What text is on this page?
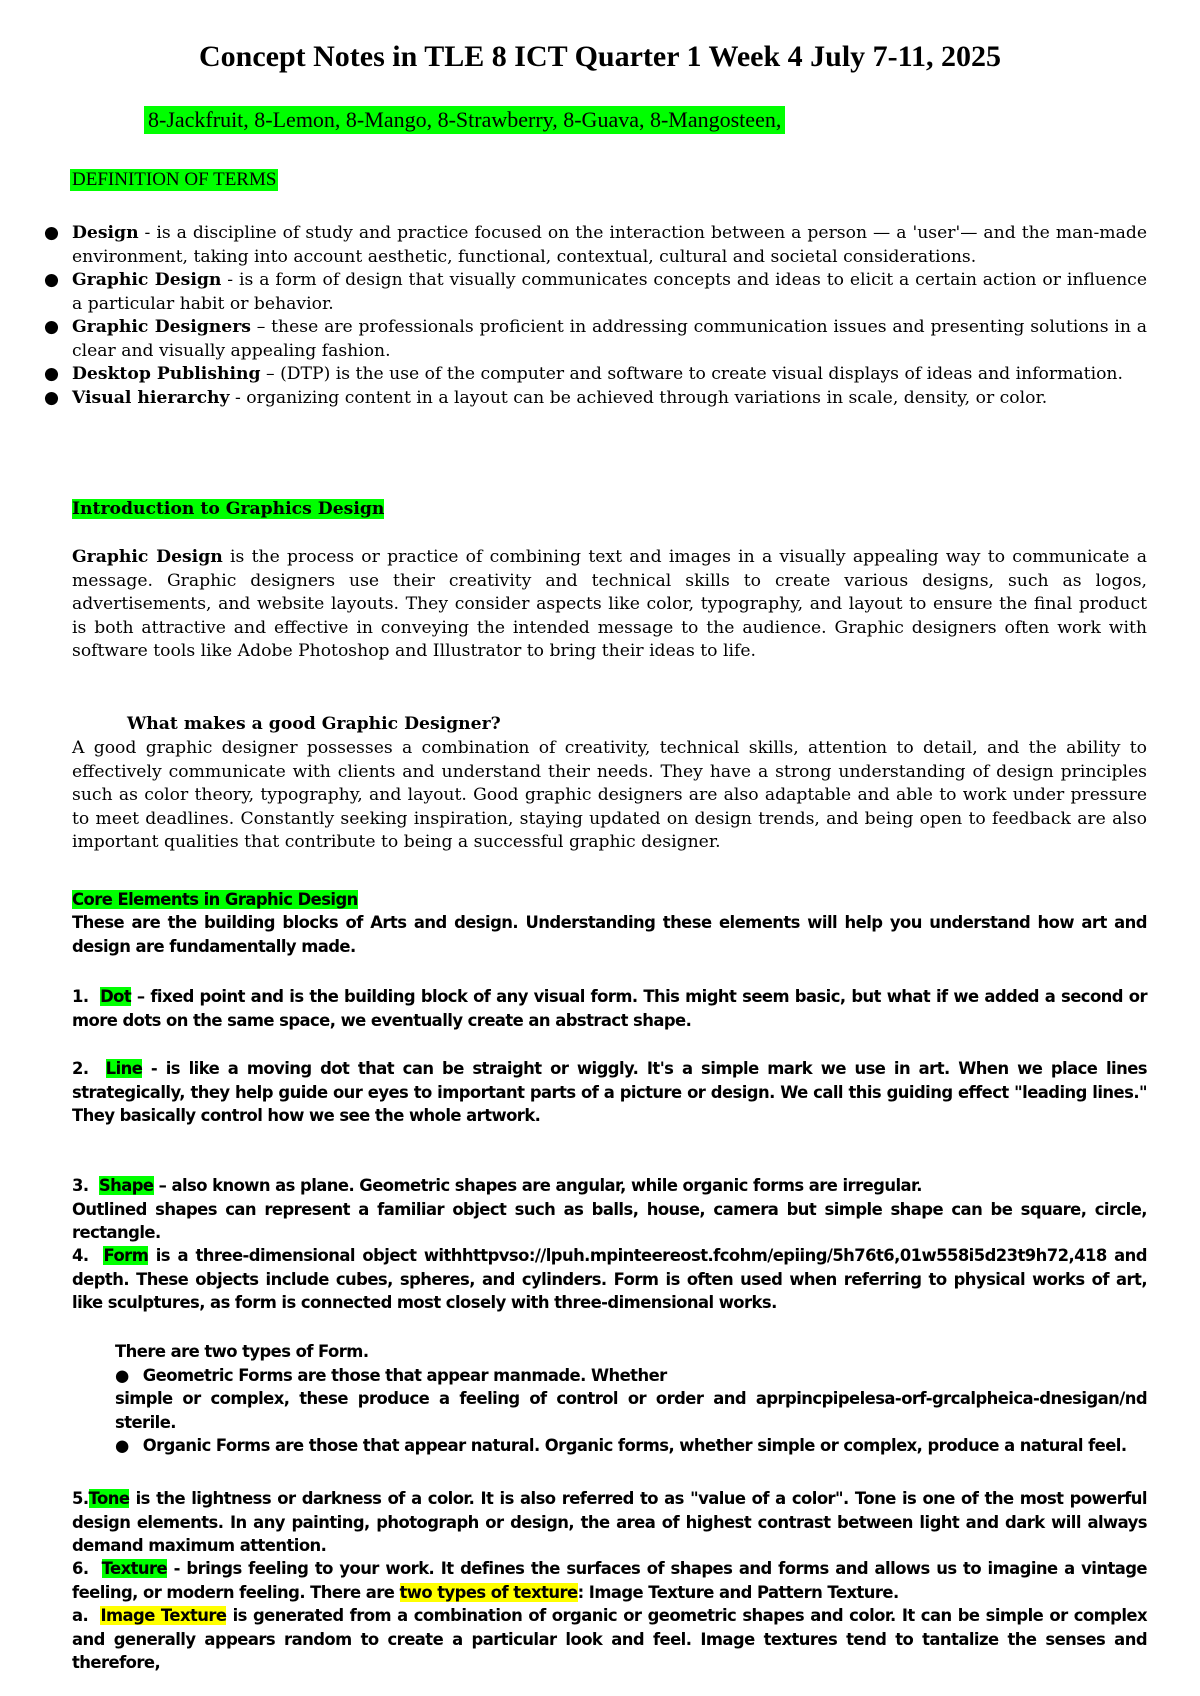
Concept Notes in TLE 8 ICT Quarter 1 Week 4 July 7-11, 2025
8-Jackfruit, 8-Lemon, 8-Mango, 8-Strawberry, 8-Guava, 8-Mangosteen,
DEFINITION OF TERMS
● Design - is a discipline of study and practice focused on the interaction between a person — a 'user'— and the man-made environment, taking into account aesthetic, functional, contextual, cultural and societal considerations.
● Graphic Design - is a form of design that visually communicates concepts and ideas to elicit a certain action or influence a particular habit or behavior.
● Graphic Designers – these are professionals proficient in addressing communication issues and presenting solutions in a clear and visually appealing fashion.
● Desktop Publishing – (DTP) is the use of the computer and software to create visual displays of ideas and information.
● Visual hierarchy - organizing content in a layout can be achieved through variations in scale, density, or color.
Introduction to Graphics Design
Graphic Design is the process or practice of combining text and images in a visually appealing way to communicate a message. Graphic designers use their creativity and technical skills to create various designs, such as logos, advertisements, and website layouts. They consider aspects like color, typography, and layout to ensure the final product is both attractive and effective in conveying the intended message to the audience. Graphic designers often work with software tools like Adobe Photoshop and Illustrator to bring their ideas to life.
What makes a good Graphic Designer?
A good graphic designer possesses a combination of creativity, technical skills, attention to detail, and the ability to effectively communicate with clients and understand their needs. They have a strong understanding of design principles such as color theory, typography, and layout. Good graphic designers are also adaptable and able to work under pressure to meet deadlines. Constantly seeking inspiration, staying updated on design trends, and being open to feedback are also important qualities that contribute to being a successful graphic designer.
Core Elements in Graphic Design
These are the building blocks of Arts and design. Understanding these elements will help you understand how art and design are fundamentally made.
1. Dot – fixed point and is the building block of any visual form. This might seem basic, but what if we added a second or more dots on the same space, we eventually create an abstract shape.
2. Line - is like a moving dot that can be straight or wiggly. It's a simple mark we use in art. When we place lines strategically, they help guide our eyes to important parts of a picture or design. We call this guiding effect "leading lines." They basically control how we see the whole artwork.
3. Shape – also known as plane. Geometric shapes are angular, while organic forms are irregular.
Outlined shapes can represent a familiar object such as balls, house, camera but simple shape can be square, circle, rectangle.
4. Form is a three-dimensional object withhttpvso://lpuh.mpinteereost.fcohm/epiing/5h76t6,01w558i5d23t9h72,418 and depth. These objects include cubes, spheres, and cylinders. Form is often used when referring to physical works of art, like sculptures, as form is connected most closely with three-dimensional works.
There are two types of Form.
● Geometric Forms are those that appear manmade. Whether
simple or complex, these produce a feeling of control or order and aprpincpipelesa-orf-grcalpheica-dnesigan/nd sterile.
● Organic Forms are those that appear natural. Organic forms, whether simple or complex, produce a natural feel.
5.Tone is the lightness or darkness of a color. It is also referred to as "value of a color". Tone is one of the most powerful design elements. In any painting, photograph or design, the area of highest contrast between light and dark will always demand maximum attention.
6. Texture - brings feeling to your work. It defines the surfaces of shapes and forms and allows us to imagine a vintage feeling, or modern feeling. There are two types of texture: Image Texture and Pattern Texture.
a. Image Texture is generated from a combination of organic or geometric shapes and color. It can be simple or complex and generally appears random to create a particular look and feel. Image textures tend to tantalize the senses and therefore,
